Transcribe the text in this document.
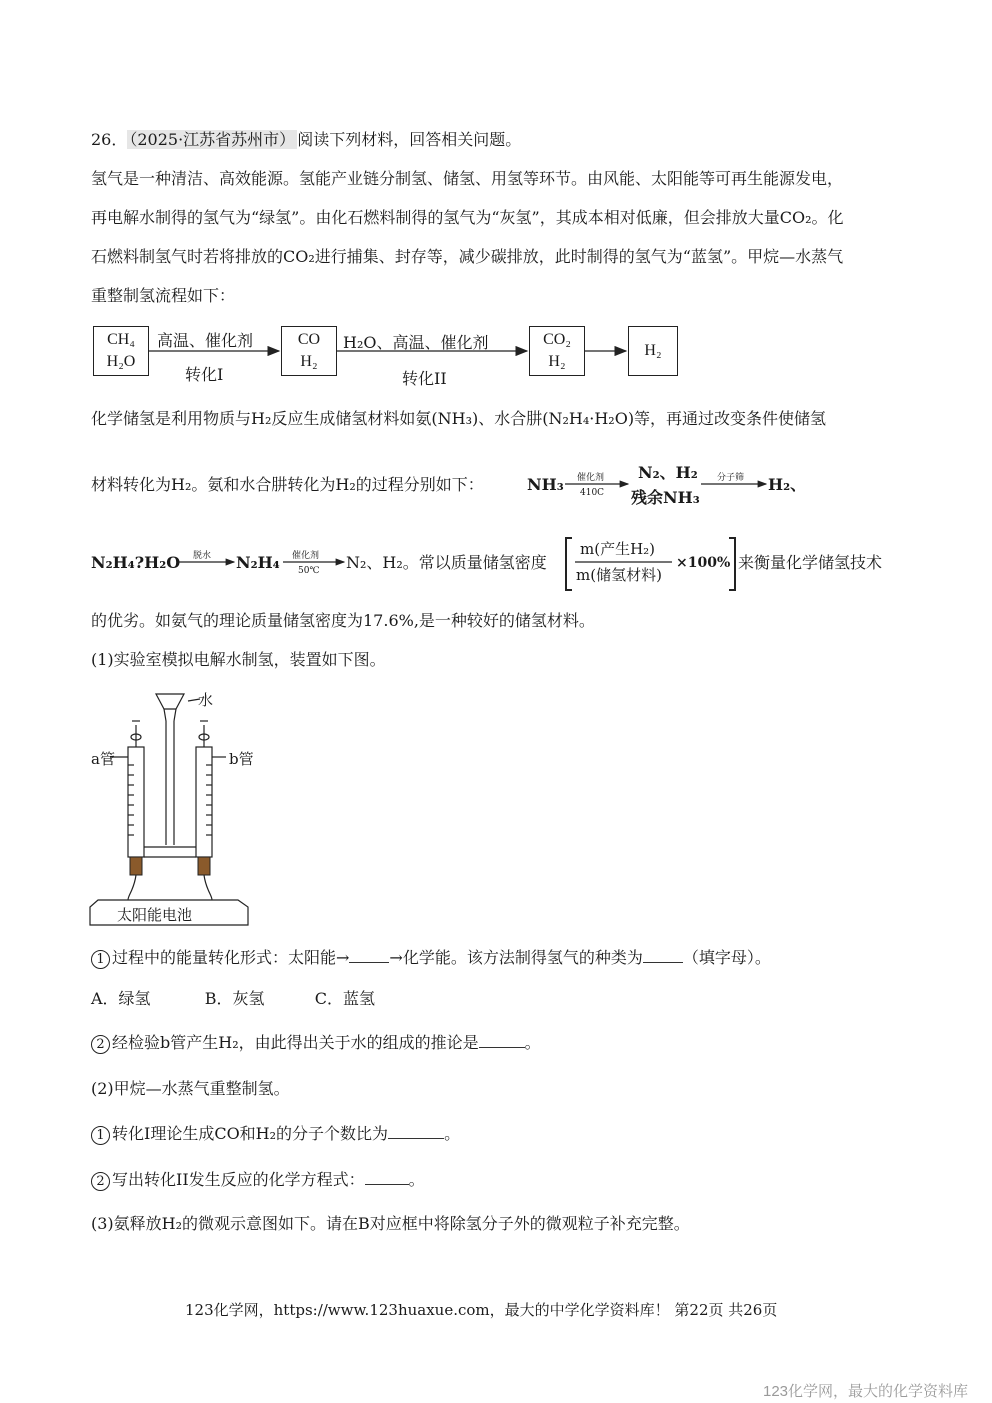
26． （2025·江苏省苏州市） 阅读下列材料，回答相关问题。
氢气是一种清洁、高效能源。氢能产业链分制氢、储氢、用氢等环节。由风能、太阳能等可再生能源发电，
再电解水制得的氢气为“绿氢”。由化石燃料制得的氢气为“灰氢”，其成本相对低廉，但会排放大量CO₂。化
石燃料制氢气时若将排放的CO₂进行捕集、封存等，减少碳排放，此时制得的氢气为“蓝氢”。甲烷—水蒸气
重整制氢流程如下：
CH₄
H₂O
高温、催化剂
转化I
CO
H₂
H₂O、高温、催化剂
转化II
CO₂
H₂
H₂
化学储氢是利用物质与H₂反应生成储氢材料如氨(NH₃)、水合肼(N₂H₄·H₂O)等，再通过改变条件使储氢
材料转化为H₂。氨和水合肼转化为H₂的过程分别如下：	NH₃ 催化剂
410C
N₂、H₂
残余NH₃
分子筛 H₂、
N₂H₄?H₂O 脱水 N₂H₄ 催化剂
50℃ N₂、H₂。常以质量储氢密度
m(产生H₂)
m(储氢材料)
×100% 来衡量化学储氢技术
的优劣。如氨气的理论质量储氢密度为17.6%,是一种较好的储氢材料。
(1)实验室模拟电解水制氢，装置如下图。
水
a管	b管
太阳能电池
1 过程中的能量转化形式：太阳能→	→化学能。该方法制得氢气的种类为	（填字母）。
A．绿氢	B．灰氢	C．蓝氢
2 经检验b管产生H₂，由此得出关于水的组成的推论是	。
(2)甲烷—水蒸气重整制氢。
1 转化I理论生成CO和H₂的分子个数比为	。
2 写出转化II发生反应的化学方程式：	。
(3)氨释放H₂的微观示意图如下。请在B对应框中将除氢分子外的微观粒子补充完整。
123化学网，https://www.123huaxue.com，最大的中学化学资料库！ 第22页 共26页
123化学网，最大的化学资料库
